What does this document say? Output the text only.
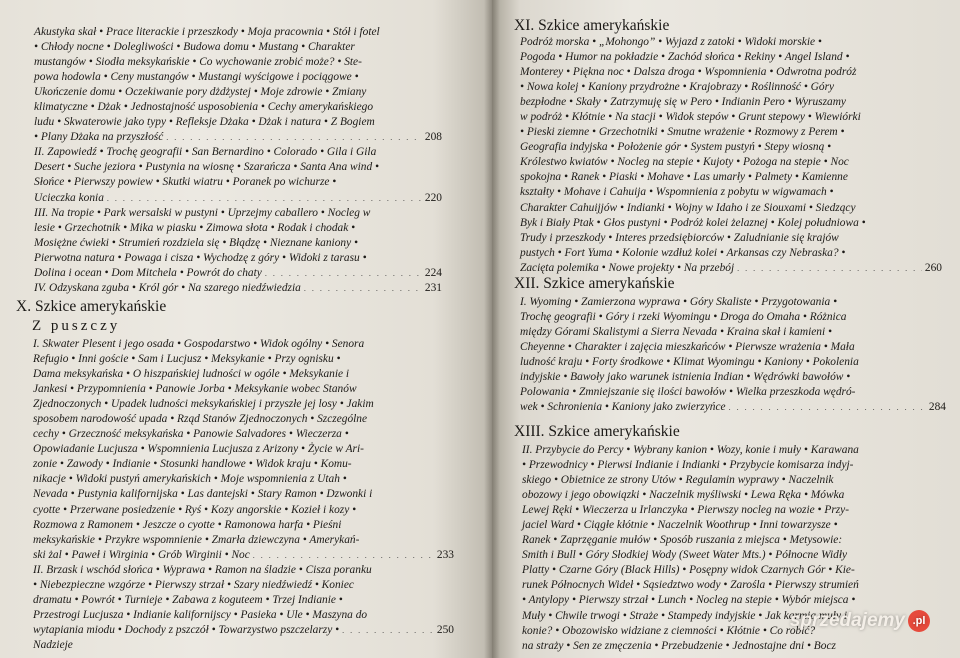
Akustyka skał • Prace literackie i przeszkody • Moja pracownia • Stół i fotel
• Chłody nocne • Dolegliwości • Budowa domu • Mustang • Charakter
mustangów • Siodła meksykańskie • Co wychowanie zrobić może? • Ste-
powa hodowla • Ceny mustangów • Mustangi wyścigowe i pociągowe •
Ukończenie domu • Oczekiwanie pory dżdżystej • Moje zdrowie • Zmiany
klimatyczne • Dżak • Jednostajność usposobienia • Cechy amerykańskiego
ludu • Skwaterowie jako typy • Refleksje Dżaka • Dżak i natura • Z Bogiem
• Plany Dżaka na przyszłość . . .	208
II. Zapowiedź • Trochę geografii • San Bernardino • Colorado • Gila i Gila
Desert • Suche jeziora • Pustynia na wiosnę • Szarańcza • Santa Ana wind •
Słońce • Pierwszy powiew • Skutki wiatru • Poranek po wichurze •
Ucieczka konia . . .	220
III. Na tropie • Park wersalski w pustyni • Uprzejmy caballero • Nocleg w
lesie • Grzechotnik • Mika w piasku • Zimowa słota • Rodak i chodak •
Mosiężne ćwieki • Strumień rozdziela się • Błądzę • Nieznane kaniony •
Pierwotna natura • Powaga i cisza • Wychodzę z góry • Widoki z tarasu •
Dolina i ocean • Dom Mitchela • Powrót do chaty . . .	224
IV. Odzyskana zguba • Król gór • Na szarego niedźwiedzia . . .	231
X. Szkice amerykańskie
Z puszczy
I. Skwater Plesent i jego osada • Gospodarstwo • Widok ogólny • Senora
Refugio • Inni goście • Sam i Lucjusz • Meksykanie • Przy ognisku •
Dama meksykańska • O hiszpańskiej ludności w ogóle • Meksykanie i
Jankesi • Przypomnienia • Panowie Jorba • Meksykanie wobec Stanów
Zjednoczonych • Upadek ludności meksykańskiej i przyszłe jej losy • Jakim
sposobem narodowość upada • Rząd Stanów Zjednoczonych • Szczególne
cechy • Grzeczność meksykańska • Panowie Salvadores • Wieczerza •
Opowiadanie Lucjusza • Wspomnienia Lucjusza z Arizony • Życie w Ari-
zonie • Zawody • Indianie • Stosunki handlowe • Widok kraju • Komu-
nikacje • Widoki pustyń amerykańskich • Moje wspomnienia z Utah •
Nevada • Pustynia kalifornijska • Las dantejski • Stary Ramon • Dzwonki i
cyotte • Przerwane posiedzenie • Ryś • Kozy angorskie • Kozieł i kozy •
Rozmowa z Ramonem • Jeszcze o cyotte • Ramonowa harfa • Pieśni
meksykańskie • Przykre wspomnienie • Zmarła dziewczyna • Amerykań-
ski żal • Paweł i Wirginia • Grób Wirginii • Noc . . .	233
II. Brzask i wschód słońca • Wyprawa • Ramon na śladzie • Cisza poranku
• Niebezpieczne wzgórze • Pierwszy strzał • Szary niedźwiedź • Koniec
dramatu • Powrót • Turnieje • Zabawa z koguteem • Trzej Indianie •
Przestrogi Lucjusza • Indianie kalifornijscy • Pasieka • Ule • Maszyna do
wytapiania miodu • Dochody z pszczół • Towarzystwo pszczelarzy • . . .	250
Nadzieje
XI. Szkice amerykańskie
Podróż morska • „Mohongo” • Wyjazd z zatoki • Widoki morskie •
Pogoda • Humor na pokładzie • Zachód słońca • Rekiny • Angel Island •
Monterey • Piękna noc • Dalsza droga • Wspomnienia • Odwrotna podróż
• Nowa kolej • Kaniony przydrożne • Krajobrazy • Roślinność • Góry
bezpłodne • Skały • Zatrzymuję się w Pero • Indianin Pero • Wyruszamy
w podróż • Kłótnie • Na stacji • Widok stepów • Grunt stepowy • Wiewiórki
• Pieski ziemne • Grzechotniki • Smutne wrażenie • Rozmowy z Perem •
Geografia indyjska • Położenie gór • System pustyń • Stepy wiosną •
Królestwo kwiatów • Nocleg na stepie • Kujoty • Pożoga na stepie • Noc
spokojna • Ranek • Piaski • Mohave • Las umarły • Palmety • Kamienne
kształty • Mohave i Cahuija • Wspomnienia z pobytu w wigwamach •
Charakter Cahuijjów • Indianki • Wojny w Idaho i ze Siouxami • Siedzący
Byk i Biały Ptak • Głos pustyni • Podróż kolei żelaznej • Kolej południowa •
Trudy i przeszkody • Interes przedsiębiorców • Zaludnianie się krajów
pustych • Fort Yuma • Kolonie wzdłuż kolei • Arkansas czy Nebraska? •
Zacięta polemika • Nowe projekty • Na przebój . . .	260
XII. Szkice amerykańskie
I. Wyoming • Zamierzona wyprawa • Góry Skaliste • Przygotowania •
Trochę geografii • Góry i rzeki Wyomingu • Droga do Omaha • Różnica
między Górami Skalistymi a Sierra Nevada • Kraina skał i kamieni •
Cheyenne • Charakter i zajęcia mieszkańców • Pierwsze wrażenia • Mała
ludność kraju • Forty środkowe • Klimat Wyomingu • Kaniony • Pokolenia
indyjskie • Bawoły jako warunek istnienia Indian • Wędrówki bawołów •
Polowania • Zmniejszanie się ilości bawołów • Wielka przeszkoda wędró-
wek • Schronienia • Kaniony jako zwierzyńce . . .	284
XIII. Szkice amerykańskie
II. Przybycie do Percy • Wybrany kanion • Wozy, konie i muły • Karawana
• Przewodnicy • Pierwsi Indianie i Indianki • Przybycie komisarza indyj-
skiego • Obietnice ze strony Utów • Regulamin wyprawy • Naczelnik
obozowy i jego obowiązki • Naczelnik myśliwski • Lewa Ręka • Mówka
Lewej Ręki • Wieczerza u Irlanczyka • Pierwszy nocleg na wozie • Przy-
jaciel Ward • Ciągłe kłótnie • Naczelnik Woothrup • Inni towarzysze •
Ranek • Zaprzęganie mułów • Sposób ruszania z miejsca • Metysowie:
Smith i Bull • Góry Słodkiej Wody (Sweet Water Mts.) • Północne Widły
Platty • Czarne Góry (Black Hills) • Posępny widok Czarnych Gór • Kie-
runek Północnych Wideł • Sąsiedztwo wody • Zarośla • Pierwszy strumień
• Antylopy • Pierwszy strzał • Lunch • Nocleg na stepie • Wybór miejsca •
Muły • Chwile trwogi • Straże • Stampedy indyjskie • Jak karmią muły i
konie? • Obozowisko widziane z ciemności • Kłótnie • Co robić?
na straży • Sen ze zmęczenia • Przebudzenie • Jednostajne dni • Bocz
sprzedajemy .pl
